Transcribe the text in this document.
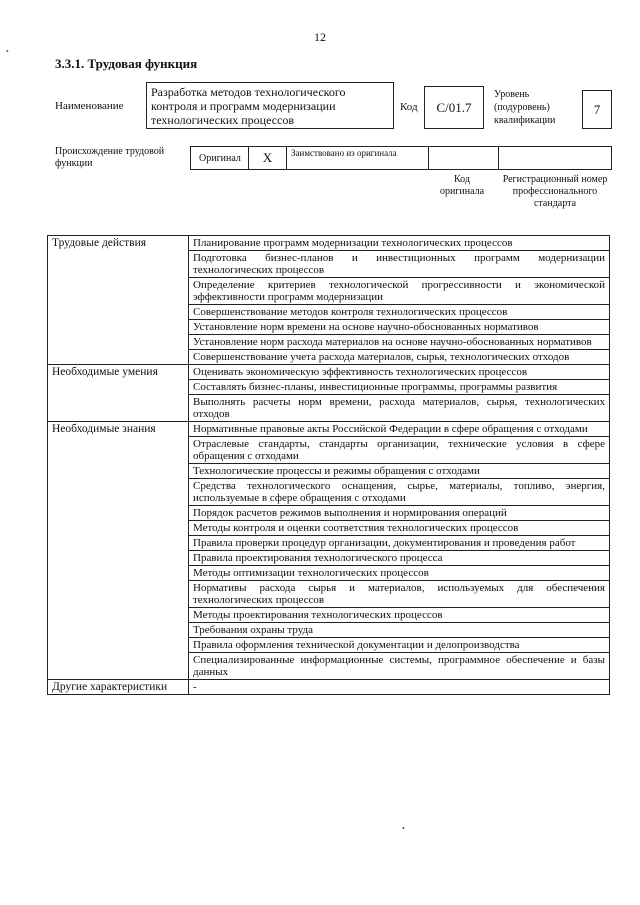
12
•
3.3.1. Трудовая функция
Наименование
Разработка методов технологического контроля и программ модернизации технологических процессов
Код	C/01.7
Уровень (подуровень) квалификации
7
Происхождение трудовой функции	Оригинал	X	Заимствовано из оригинала
Код оригинала
Регистрационный номер профессионального стандарта
Трудовые действия	Планирование программ модернизации технологических процессов
	Подготовка бизнес-планов и инвестиционных программ модернизации технологических процессов
	Определение критериев технологической прогрессивности и экономической эффективности программ модернизации
	Совершенствование методов контроля технологических процессов
	Установление норм времени на основе научно-обоснованных нормативов
	Установление норм расхода материалов на основе научно-обоснованных нормативов
	Совершенствование учета расхода материалов, сырья, технологических отходов
Необходимые умения	Оценивать экономическую эффективность технологических процессов
	Составлять бизнес-планы, инвестиционные программы, программы развития
	Выполнять расчеты норм времени, расхода материалов, сырья, технологических отходов
Необходимые знания	Нормативные правовые акты Российской Федерации в сфере обращения с отходами
	Отраслевые стандарты, стандарты организации, технические условия в сфере обращения с отходами
	Технологические процессы и режимы обращения с отходами
	Средства технологического оснащения, сырье, материалы, топливо, энергия, используемые в сфере обращения с отходами
	Порядок расчетов режимов выполнения и нормирования операций
	Методы контроля и оценки соответствия технологических процессов
	Правила проверки процедур организации, документирования и проведения работ
	Правила проектирования технологического процесса
	Методы оптимизации технологических процессов
	Нормативы расхода сырья и материалов, используемых для обеспечения технологических процессов
	Методы проектирования технологических процессов
	Требования охраны труда
	Правила оформления технической документации и делопроизводства
	Специализированные информационные системы, программное обеспечение и базы данных
Другие характеристики	-
•
